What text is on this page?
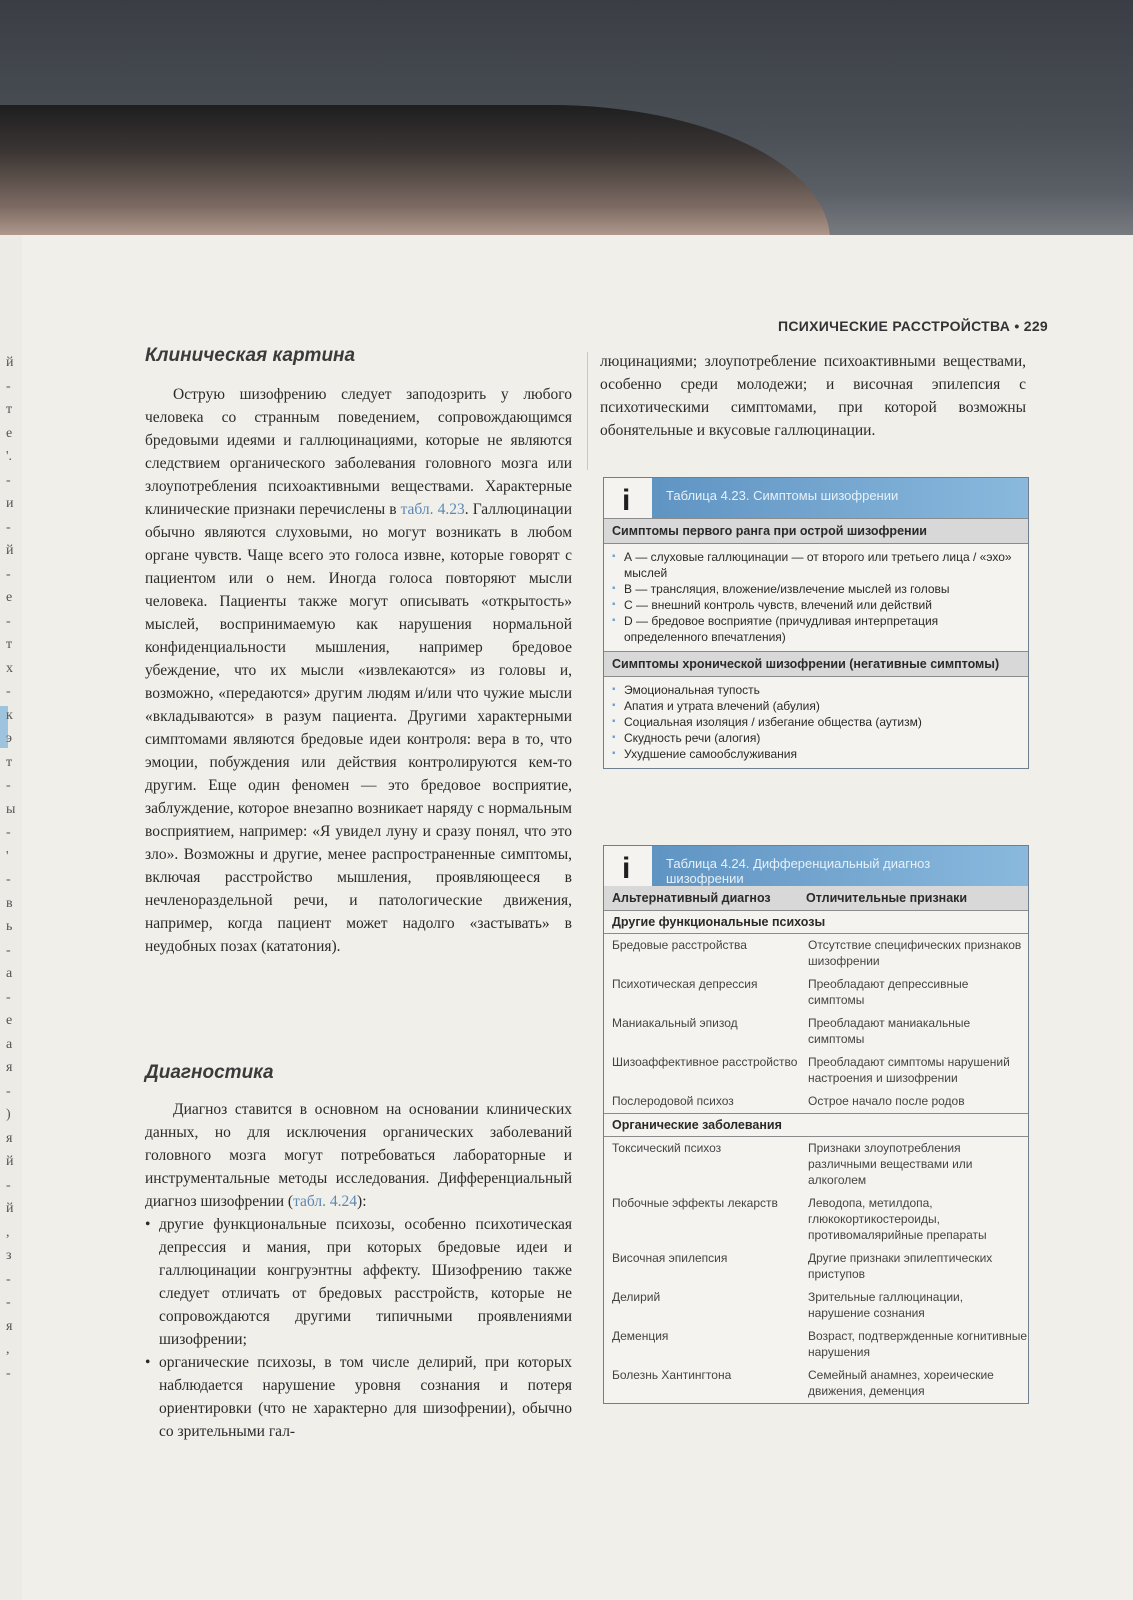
й
-
т
е
'.
-
и
-
й
-
е
-
т
х
-
к
э
т
-
ы
-
'
-
в
ь
-
а
-
е
а
я
-
)
я
й
-
й
,
з
-
-
я
,
-
ПСИХИЧЕСКИЕ РАССТРОЙСТВА • 229
Клиническая картина

Острую шизофрению следует заподозрить у любого человека со странным поведением, сопровождающимся бредовыми идеями и галлюцинациями, которые не являются следствием органического заболевания головного мозга или злоупотребления психоактивными веществами. Характерные клинические признаки перечислены в табл. 4.23. Галлюцинации обычно являются слуховыми, но могут возникать в любом органе чувств. Чаще всего это голоса извне, которые говорят с пациентом или о нем. Иногда голоса повторяют мысли человека. Пациенты также могут описывать «открытость» мыслей, воспринимаемую как нарушения нормальной конфиденциальности мышления, например бредовое убеждение, что их мысли «извлекаются» из головы и, возможно, «передаются» другим людям и/или что чужие мысли «вкладываются» в разум пациента. Другими характерными симптомами являются бредовые идеи контроля: вера в то, что эмоции, побуждения или действия контролируются кем-то другим. Еще один феномен — это бредовое восприятие, заблуждение, которое внезапно возникает наряду с нормальным восприятием, например: «Я увидел луну и сразу понял, что это зло». Возможны и другие, менее распространенные симптомы, включая расстройство мышления, проявляющееся в нечленораздельной речи, и патологические движения, например, когда пациент может надолго «застывать» в неудобных позах (кататония).

Диагностика

Диагноз ставится в основном на основании клинических данных, но для исключения органических заболеваний головного мозга могут потребоваться лабораторные и инструментальные методы исследования. Дифференциальный диагноз шизофрении (табл. 4.24):

• другие функциональные психозы, особенно психотическая депрессия и мания, при которых бредовые идеи и галлюцинации конгруэнтны аффекту. Шизофрению также следует отличать от бредовых расстройств, которые не сопровождаются другими типичными проявлениями шизофрении;
• органические психозы, в том числе делирий, при которых наблюдается нарушение уровня сознания и потеря ориентировки (что не характерно для шизофрении), обычно со зрительными гал-

люцинациями; злоупотребление психоактивными веществами, особенно среди молодежи; и височная эпилепсия с психотическими симптомами, при которой возможны обонятельные и вкусовые галлюцинации.

i	Таблица 4.23. Симптомы шизофрении
Симптомы первого ранга при острой шизофрении
▪ А — слуховые галлюцинации — от второго или третьего лица / «эхо» мыслей
▪ В — трансляция, вложение/извлечение мыслей из головы
▪ С — внешний контроль чувств, влечений или действий
▪ D — бредовое восприятие (причудливая интерпретация определенного впечатления)
Симптомы хронической шизофрении (негативные симптомы)
▪ Эмоциональная тупость
▪ Апатия и утрата влечений (абулия)
▪ Социальная изоляция / избегание общества (аутизм)
▪ Скудность речи (алогия)
▪ Ухудшение самообслуживания
i	Таблица 4.24. Дифференциальный диагноз шизофрении
Альтернативный диагноз	Отличительные признаки
Другие функциональные психозы
Бредовые расстройства	Отсутствие специфических признаков шизофрении
Психотическая депрессия	Преобладают депрессивные симптомы
Маниакальный эпизод	Преобладают маниакальные симптомы
Шизоаффективное расстройство Преобладают симптомы нарушений настроения и шизофрении
Послеродовой психоз	Острое начало после родов
Органические заболевания
Токсический психоз	Признаки злоупотребления различными веществами или алкоголем
Побочные эффекты лекарств	Леводопа, метилдопа, глюкокортикостероиды, противомалярийные препараты
Височная эпилепсия	Другие признаки эпилептических приступов
Делирий	Зрительные галлюцинации, нарушение сознания
Деменция	Возраст, подтвержденные когнитивные нарушения
Болезнь Хантингтона	Семейный анамнез, хореические движения, деменция
